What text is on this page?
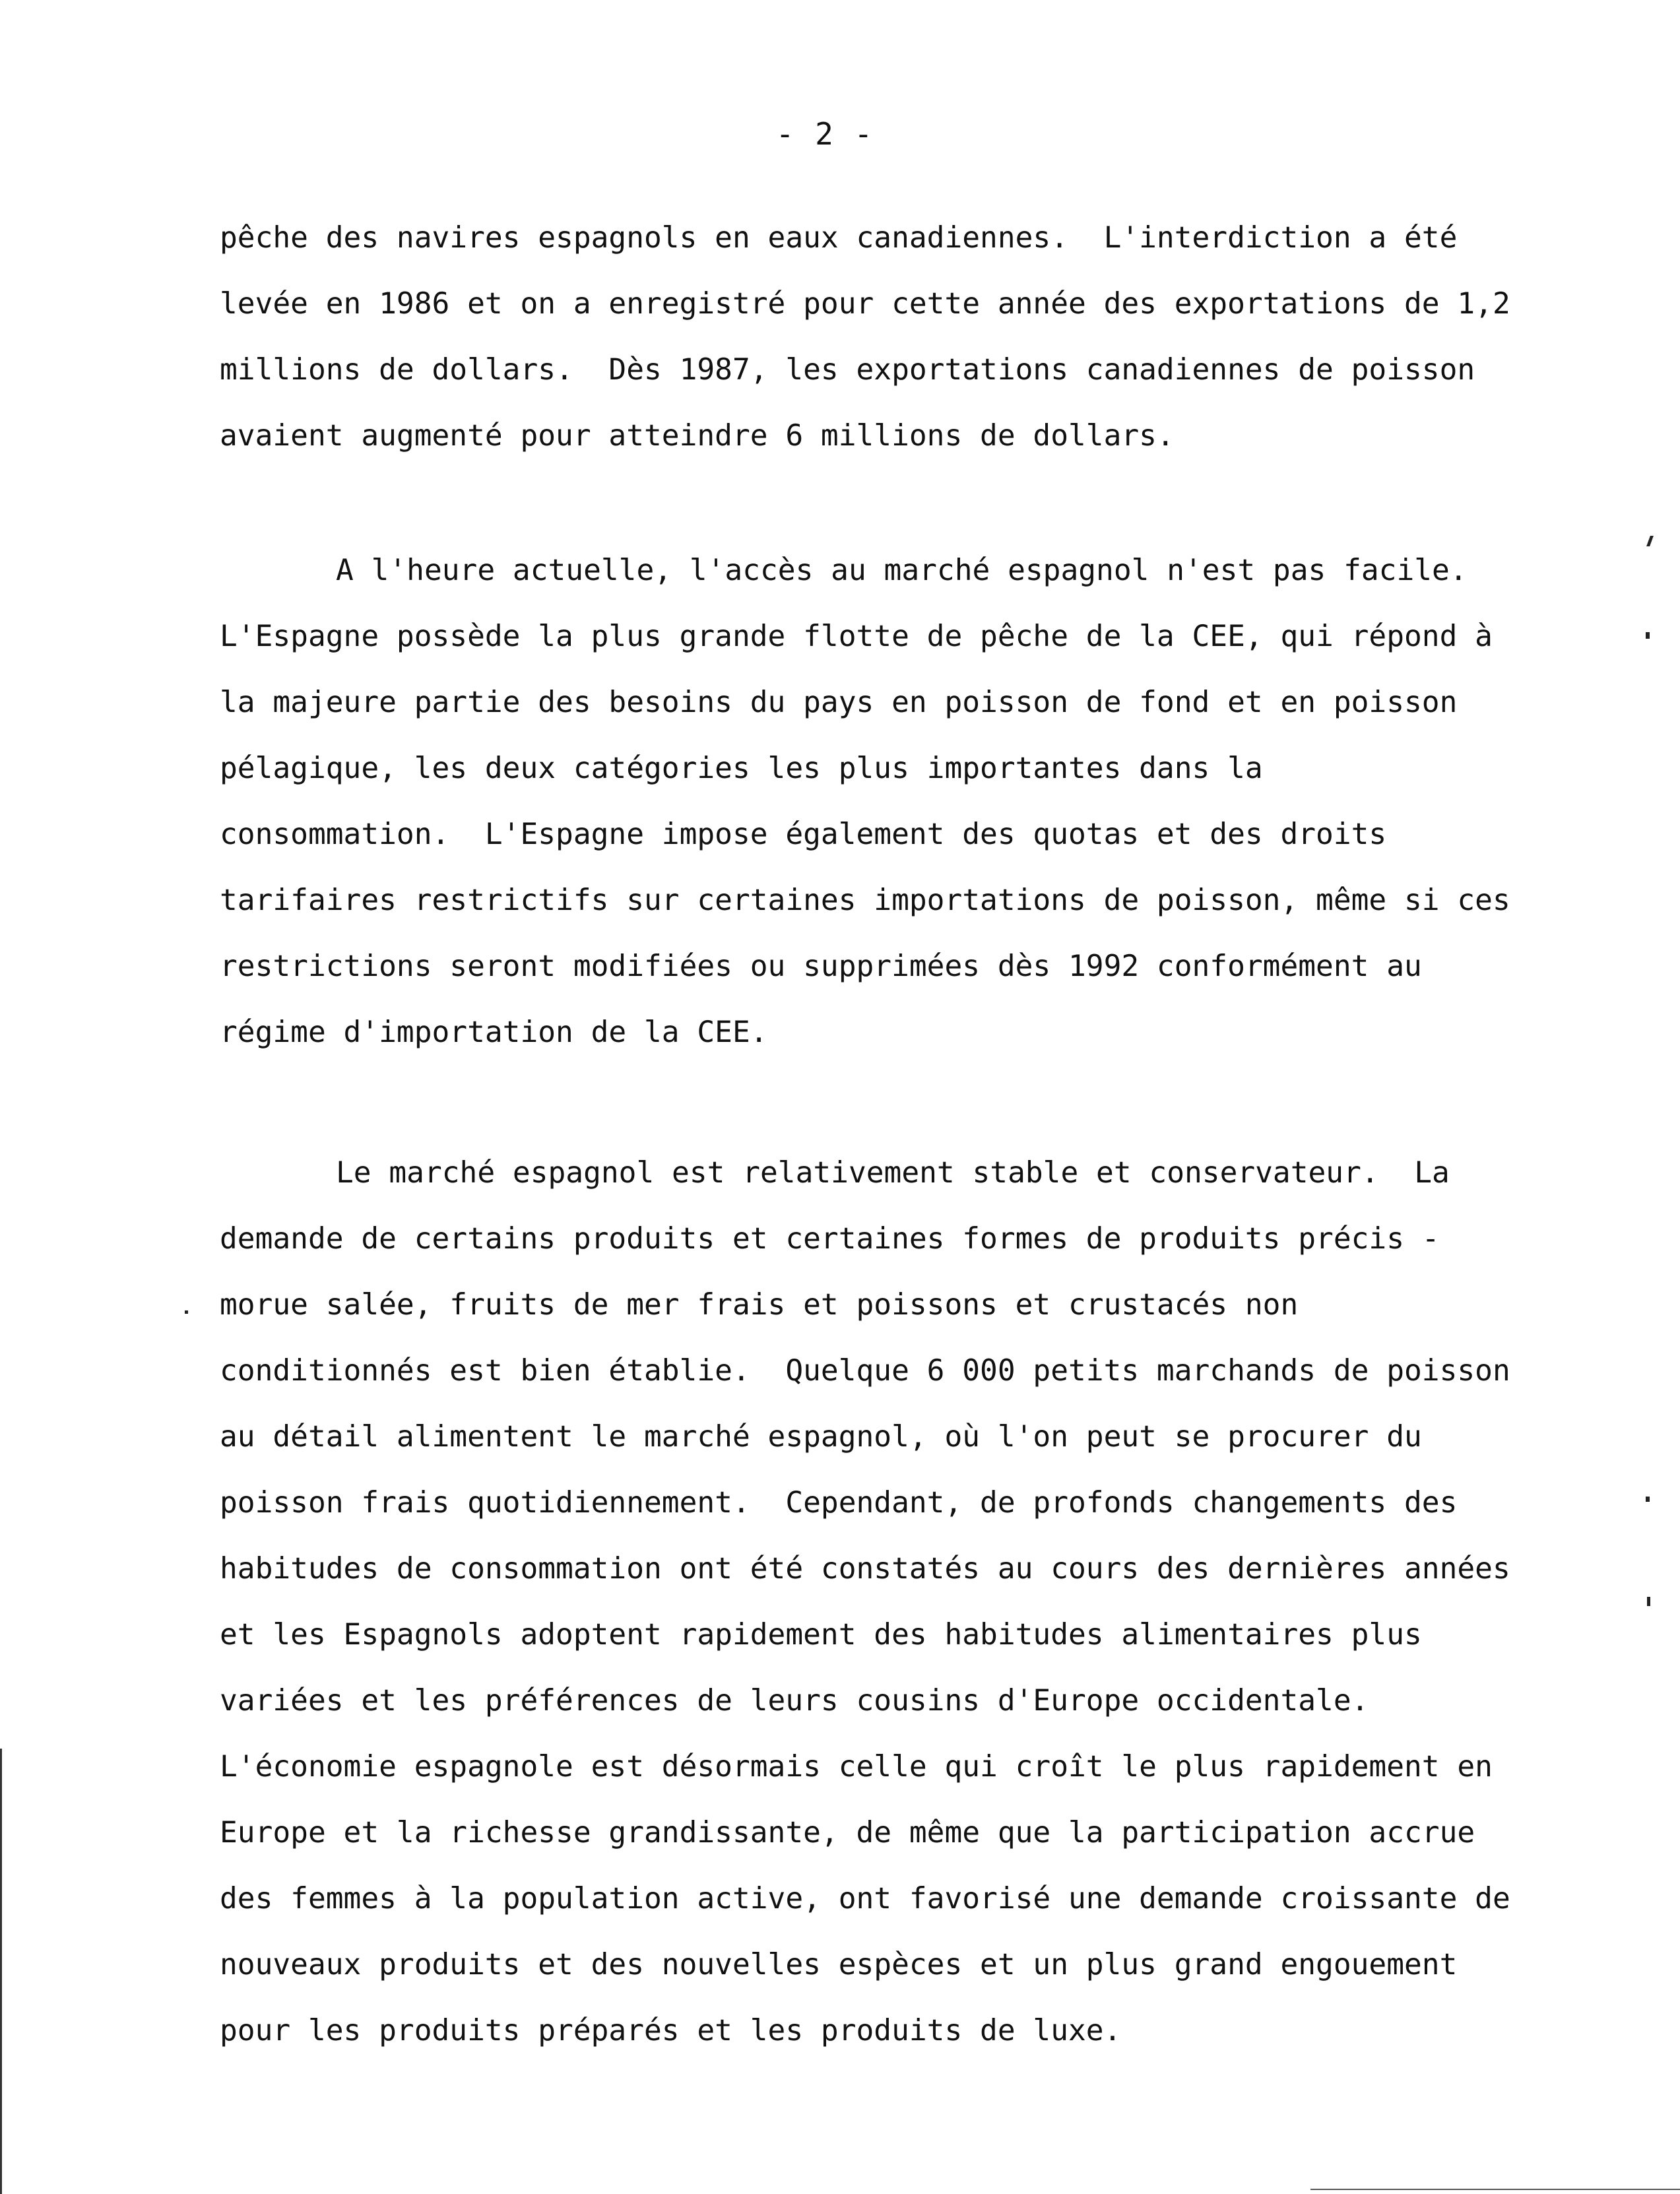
- 2 -
pêche des navires espagnols en eaux canadiennes.  L'interdiction a été
levée en 1986 et on a enregistré pour cette année des exportations de 1,2
millions de dollars.  Dès 1987, les exportations canadiennes de poisson
avaient augmenté pour atteindre 6 millions de dollars.
A l'heure actuelle, l'accès au marché espagnol n'est pas facile.
L'Espagne possède la plus grande flotte de pêche de la CEE, qui répond à
la majeure partie des besoins du pays en poisson de fond et en poisson
pélagique, les deux catégories les plus importantes dans la
consommation.  L'Espagne impose également des quotas et des droits
tarifaires restrictifs sur certaines importations de poisson, même si ces
restrictions seront modifiées ou supprimées dès 1992 conformément au
régime d'importation de la CEE.
Le marché espagnol est relativement stable et conservateur.  La
demande de certains produits et certaines formes de produits précis -
morue salée, fruits de mer frais et poissons et crustacés non
conditionnés est bien établie.  Quelque 6 000 petits marchands de poisson
au détail alimentent le marché espagnol, où l'on peut se procurer du
poisson frais quotidiennement.  Cependant, de profonds changements des
habitudes de consommation ont été constatés au cours des dernières années
et les Espagnols adoptent rapidement des habitudes alimentaires plus
variées et les préférences de leurs cousins d'Europe occidentale.
L'économie espagnole est désormais celle qui croît le plus rapidement en
Europe et la richesse grandissante, de même que la participation accrue
des femmes à la population active, ont favorisé une demande croissante de
nouveaux produits et des nouvelles espèces et un plus grand engouement
pour les produits préparés et les produits de luxe.
